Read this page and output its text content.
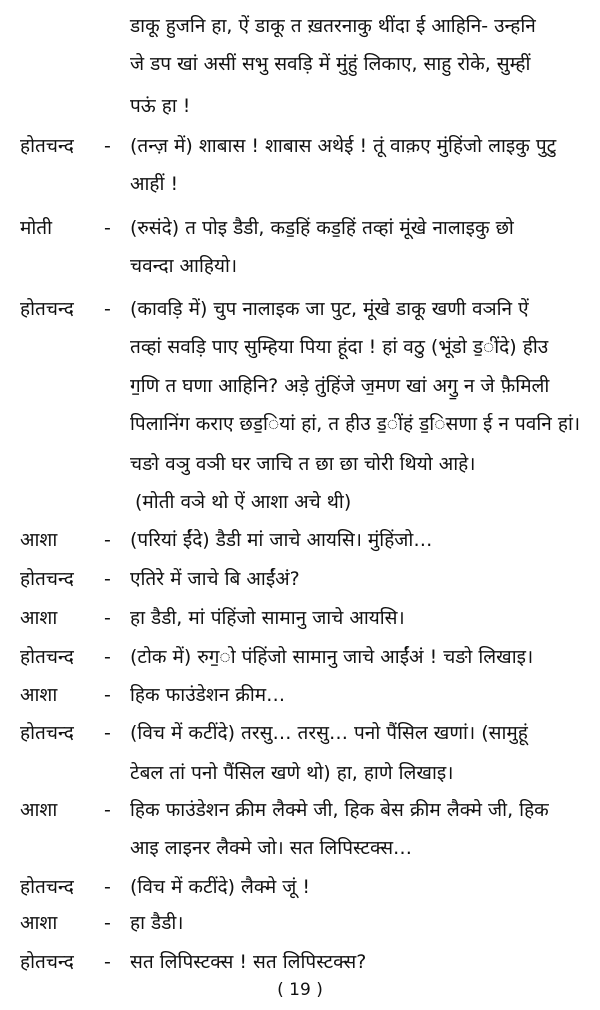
डाकू हुजनि हा, ऐं डाकू त ख़तरनाकु थींदा ई आहिनि- उन्हनि
जे डप खां असीं सभु सवड़ि में मुंहुं लिकाए, साहु रोके, सुम्हीं
पऊं हा !
होतचन्द - (तन्ज़ में) शाबास ! शाबास अथेई ! तूं वाक़ए मुंहिंजो लाइकु पुटु
आहीं !
मोती	- (रुसंदे) त पोइ डैडी, कड॒हिं कड॒हिं तव्हां मूंखे नालाइकु छो
चवन्दा आहियो।
होतचन्द - (कावड़ि में) चुप नालाइक जा पुट, मूंखे डाकू खणी वञनि ऐं
तव्हां सवड़ि पाए सुम्हिया पिया हूंदा ! हां वठु (भूंडो ड॒ींदे) हीउ
ग॒णि त घणा आहिनि? अड़े तुंहिंजे ज॒मण खां अगु॒ न जे फ़ैमिली
पिलानिंग कराए छड॒ियां हां, त हीउ ड॒ींहं ड॒िसणा ई न पवनि हां।
चङो वञु वञी घर जाचि त छा छा चोरी थियो आहे।
(मोती वञे थो ऐं आशा अचे थी)
आशा - (परियां ईंदे) डैडी मां जाचे आयसि। मुंहिंजो…
होतचन्द - एतिरे में जाचे बि आईंअं?
आशा - हा डैडी, मां पंहिंजो सामानु जाचे आयसि।
होतचन्द - (टोक में) रुग॒ो पंहिंजो सामानु जाचे आईंअं ! चङो लिखाइ।
आशा - हिक फाउंडेशन क्रीम…
होतचन्द - (विच में कटींदे) तरसु… तरसु… पनो पैंसिल खणां। (सामुहूं
टेबल तां पनो पैंसिल खणे थो) हा, हाणे लिखाइ।
आशा - हिक फाउंडेशन क्रीम लैक्मे जी, हिक बेस क्रीम लैक्मे जी, हिक
आइ लाइनर लैक्मे जो। सत लिपिस्टक्स…
होतचन्द - (विच में कटींदे) लैक्मे जूं !
आशा - हा डैडी।
होतचन्द - सत लिपिस्टक्स ! सत लिपिस्टक्स?
( 19 )
